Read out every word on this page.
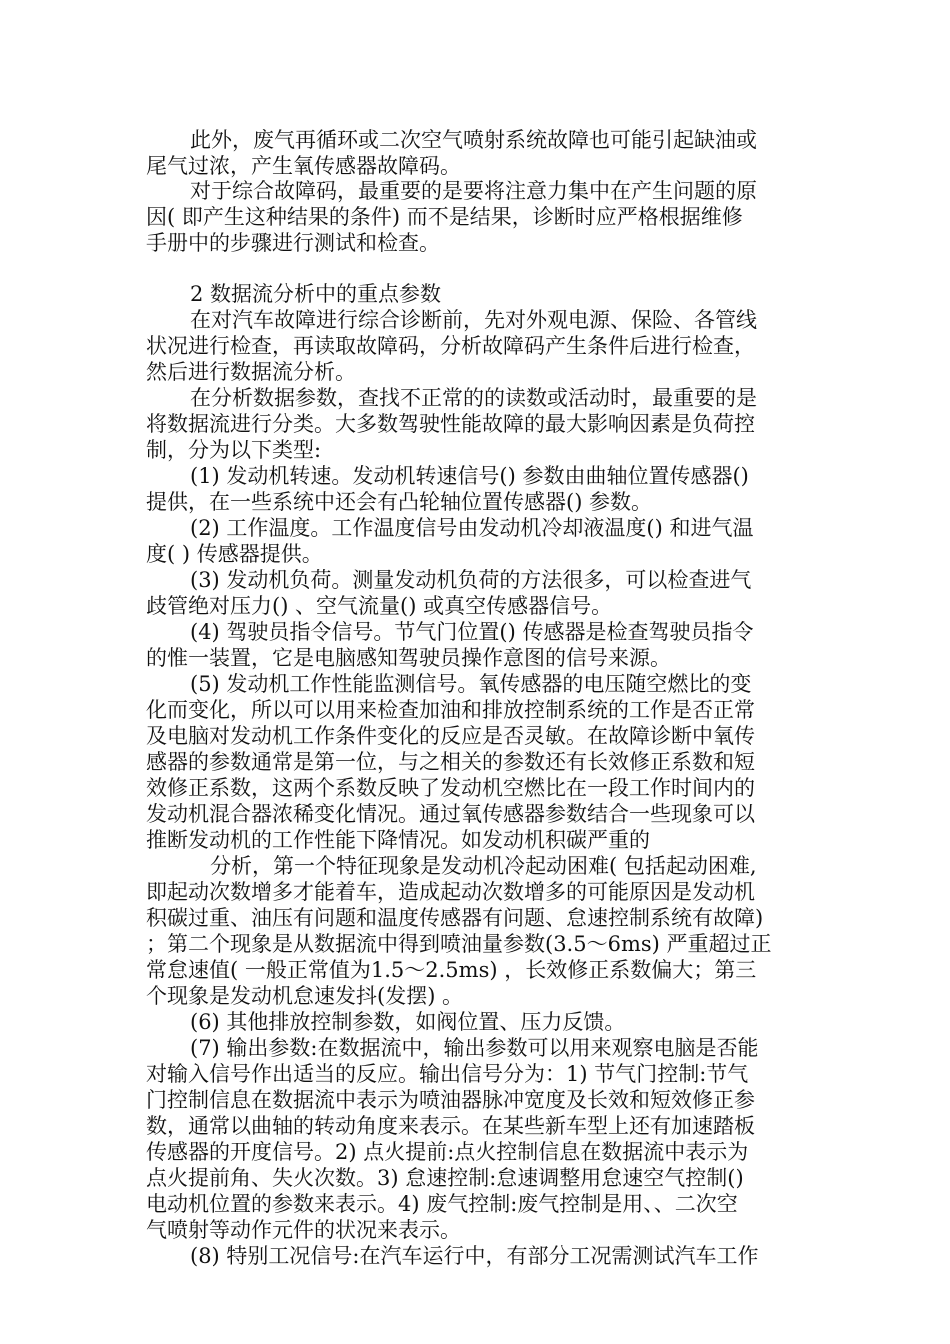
此外，废气再循环或二次空气喷射系统故障也可能引起缺油或

尾气过浓，产生氧传感器故障码。

对于综合故障码，最重要的是要将注意力集中在产生问题的原

因( 即产生这种结果的条件) 而不是结果，诊断时应严格根据维修

手册中的步骤进行测试和检查。

2 数据流分析中的重点参数

在对汽车故障进行综合诊断前，先对外观电源、保险、各管线

状况进行检查，再读取故障码，分析故障码产生条件后进行检查，

然后进行数据流分析。

在分析数据参数，查找不正常的的读数或活动时，最重要的是

将数据流进行分类。大多数驾驶性能故障的最大影响因素是负荷控

制，分为以下类型:

(1) 发动机转速。发动机转速信号() 参数由曲轴位置传感器()

提供，在一些系统中还会有凸轮轴位置传感器() 参数。

(2) 工作温度。工作温度信号由发动机冷却液温度() 和进气温

度( ) 传感器提供。

(3) 发动机负荷。测量发动机负荷的方法很多，可以检查进气

歧管绝对压力() 、空气流量() 或真空传感器信号。

(4) 驾驶员指令信号。节气门位置() 传感器是检查驾驶员指令

的惟一装置，它是电脑感知驾驶员操作意图的信号来源。

(5) 发动机工作性能监测信号。氧传感器的电压随空燃比的变

化而变化，所以可以用来检查加油和排放控制系统的工作是否正常

及电脑对发动机工作条件变化的反应是否灵敏。在故障诊断中氧传

感器的参数通常是第一位，与之相关的参数还有长效修正系数和短

效修正系数，这两个系数反映了发动机空燃比在一段工作时间内的

发动机混合器浓稀变化情况。通过氧传感器参数结合一些现象可以

推断发动机的工作性能下降情况。如发动机积碳严重的

分析，第一个特征现象是发动机冷起动困难( 包括起动困难,

即起动次数增多才能着车，造成起动次数增多的可能原因是发动机

积碳过重、油压有问题和温度传感器有问题、怠速控制系统有故障)

；第二个现象是从数据流中得到喷油量参数(3.5～6ms) 严重超过正

常怠速值( 一般正常值为1.5～2.5ms) ，长效修正系数偏大；第三

个现象是发动机怠速发抖(发摆) 。

(6) 其他排放控制参数，如阀位置、压力反馈。

(7) 输出参数:在数据流中，输出参数可以用来观察电脑是否能

对输入信号作出适当的反应。输出信号分为：1) 节气门控制:节气

门控制信息在数据流中表示为喷油器脉冲宽度及长效和短效修正参

数，通常以曲轴的转动角度来表示。在某些新车型上还有加速踏板

传感器的开度信号。2) 点火提前:点火控制信息在数据流中表示为

点火提前角、失火次数。3) 怠速控制:怠速调整用怠速空气控制()

电动机位置的参数来表示。4) 废气控制:废气控制是用、、二次空

气喷射等动作元件的状况来表示。

(8) 特别工况信号:在汽车运行中，有部分工况需测试汽车工作
